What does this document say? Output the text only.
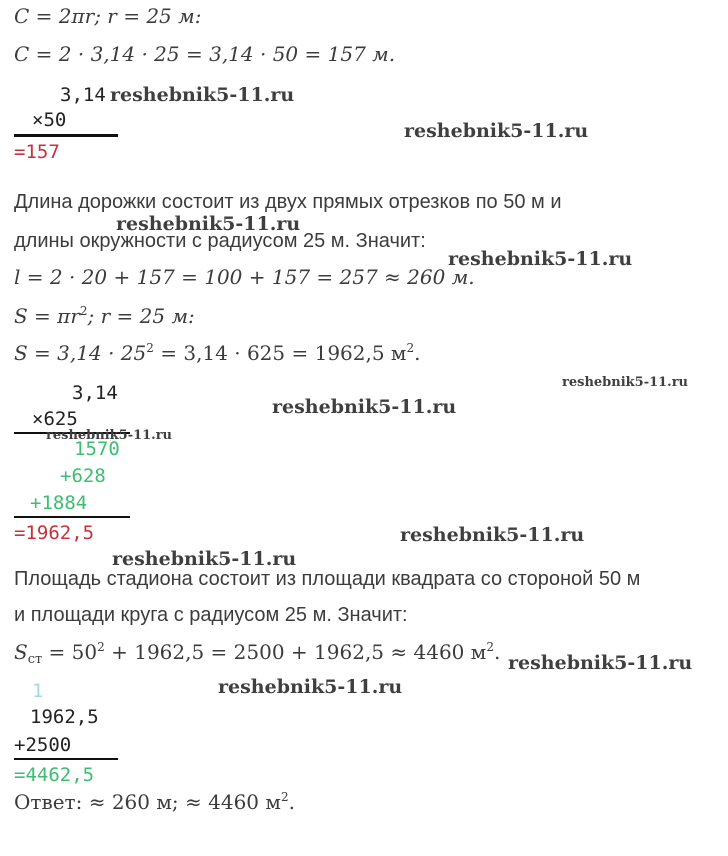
C = 2πr; r = 25 м:
C = 2 · 3,14 · 25 = 3,14 · 50 = 157 м.
3,14
×50
=157
Длина дорожки состоит из двух прямых отрезков по 50 м и
длины окружности с радиусом 25 м. Значит:
l = 2 · 20 + 157 = 100 + 157 = 257 ≈ 260 м.
$S = \pi r^2$; r = 25 м:
$S = 3,14 \cdot 25^2 = 3,14 \cdot 625 = 1962,5$ $м^2$.
3,14
×625
1570
+628
+1884
=1962,5
Площадь стадиона состоит из площади квадрата со стороной 50 м
и площади круга с радиусом 25 м. Значит:
$S_{ст} = 50^2 + 1962,5 = 2500 + 1962,5 \approx 4460$ $м^2$.
1
1962,5
+2500
=4462,5
Ответ: ≈ 260 м; ≈ 4460 $м^2$.
reshebnik5-11.ru
reshebnik5-11.ru
reshebnik5-11.ru
reshebnik5-11.ru
reshebnik5-11.ru
reshebnik5-11.ru
reshebnik5-11.ru
reshebnik5-11.ru
reshebnik5-11.ru
reshebnik5-11.ru
reshebnik5-11.ru
